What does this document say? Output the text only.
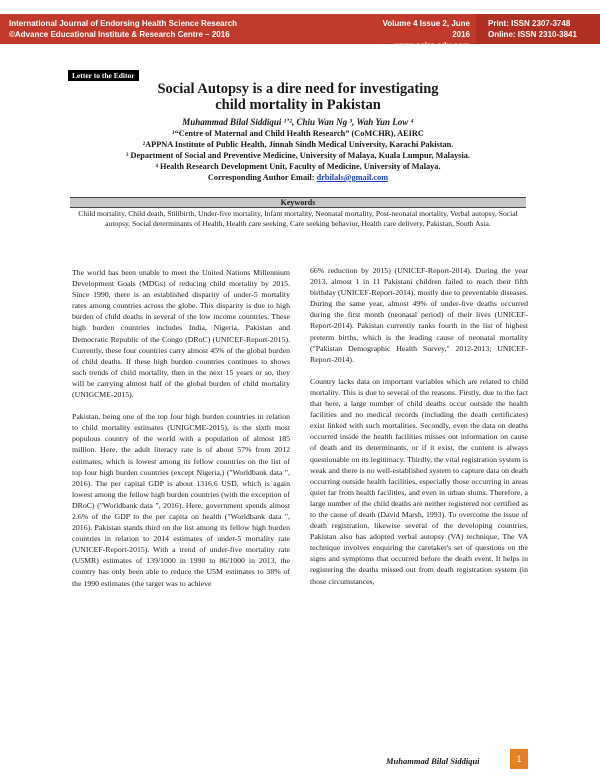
International Journal of Endorsing Health Science Research
©Advance Educational Institute & Research Centre – 2016
Volume 4 Issue 2, June 2016
www.aeirc-edu.com
Print: ISSN 2307-3748
Online: ISSN 2310-3841
Letter to the Editor
Social Autopsy is a dire need for investigating
child mortality in Pakistan
Muhammad Bilal Siddiqui ¹’², Chiu Wan Ng ³, Wah Yun Low ⁴
¹“Centre of Maternal and Child Health Research” (CoMCHR), AEIRC
²APPNA Institute of Public Health, Jinnah Sindh Medical University, Karachi Pakistan.
³ Department of Social and Preventive Medicine, University of Malaya, Kuala Lumpur, Malaysia.
⁴ Health Research Development Unit, Faculty of Medicine, University of Malaya.
Corresponding Author Email: drbilals@gmail.com
Keywords
Child mortality, Child death, Stillbirth, Under-five mortality, Infant mortality, Neonatal mortality, Post-neonatal mortality, Verbal autopsy, Social autopsy, Social determinants of Health, Health care seeking, Care seeking behavior, Health care delivery, Pakistan, South Asia.

The world has been unable to meet the United Nations Millennium Development Goals (MDGs) of reducing child mortality by 2015. Since 1990, there is an established disparity of under-5 mortality rates among countries across the globe. This disparity is due to high burden of child deaths in several of the low income countries. These high burden countries includes India, Nigeria, Pakistan and Democratic Republic of the Congo (DRoC) (UNICEF-Report-2015). Currently, these four countries carry almost 45% of the global burden of child deaths. If these high burden countries continues to shows such trends of child mortality, then in the next 15 years or so, they will be carrying almost half of the global burden of child mortality (UNIGCME-2015).

Pakistan, being one of the top four high burden countries in relation to child mortality estimates (UNIGCME-2015), is the sixth most populous country of the world with a population of almost 185 million. Here, the adult literacy rate is of about 57% from 2012 estimates, which is lowest among its fellow countries on the list of top four high burden countries (except Nigeria,) ("Worldbank data ", 2016). The per capital GDP is about 1316.6 USD, which is again lowest among the fellow high burden countries (with the exception of DRoC) ("Worldbank data ", 2016). Here, government spends almost 2.6% of the GDP to the per capita on health ("Worldbank data ", 2016). Pakistan stands third on the list among its fellow high burden countries in relation to 2014 estimates of under-5 mortality rate (UNICEF-Report-2015). With a trend of under-five mortality rate (U5MR) estimates of 139/1000 in 1990 to 86/1000 in 2013, the country has only been able to reduce the U5M estimates to 38% of the 1990 estimates (the target was to achieve

66% reduction by 2015) (UNICEF-Report-2014). During the year 2013, almost 1 in 11 Pakistani children failed to reach their fifth birthday (UNICEF-Report-2014), mostly due to preventable diseases. During the same year, almost 49% of under-five deaths occurred during the first month (neonatal period) of their lives (UNICEF-Report-2014). Pakistan currently ranks fourth in the list of highest preterm births, which is the leading cause of neonatal mortality ("Pakistan Demographic Health Survey," 2012-2013; UNICEF-Report-2014).

Country lacks data on important variables which are related to child mortality. This is due to several of the reasons. Firstly, due to the fact that here, a large number of child deaths occur outside the health facilities and no medical records (including the death certificates) exist linked with such mortalities. Secondly, even the data on deaths occurred inside the health facilities misses out information on cause of death and its determinants, or if it exist, the content is always questionable on its legitimacy. Thirdly, the vital registration system is weak and there is no well-established system to capture data on death occurring outside health facilities, especially those occurring in areas quiet far from health facilities, and even in urban slums. Therefore, a large number of the child deaths are neither registered nor certified as to the cause of death (David Marsh, 1993). To overcome the issue of death registration, likewise several of the developing countries, Pakistan also has adopted verbal autopsy (VA) technique, The VA technique involves enquiring the caretaker's set of questions on the signs and symptoms that occurred before the death event. It helps in registering the deaths missed out from death registration system (in those circumstances,

Muhammad Bilal Siddiqui	1
